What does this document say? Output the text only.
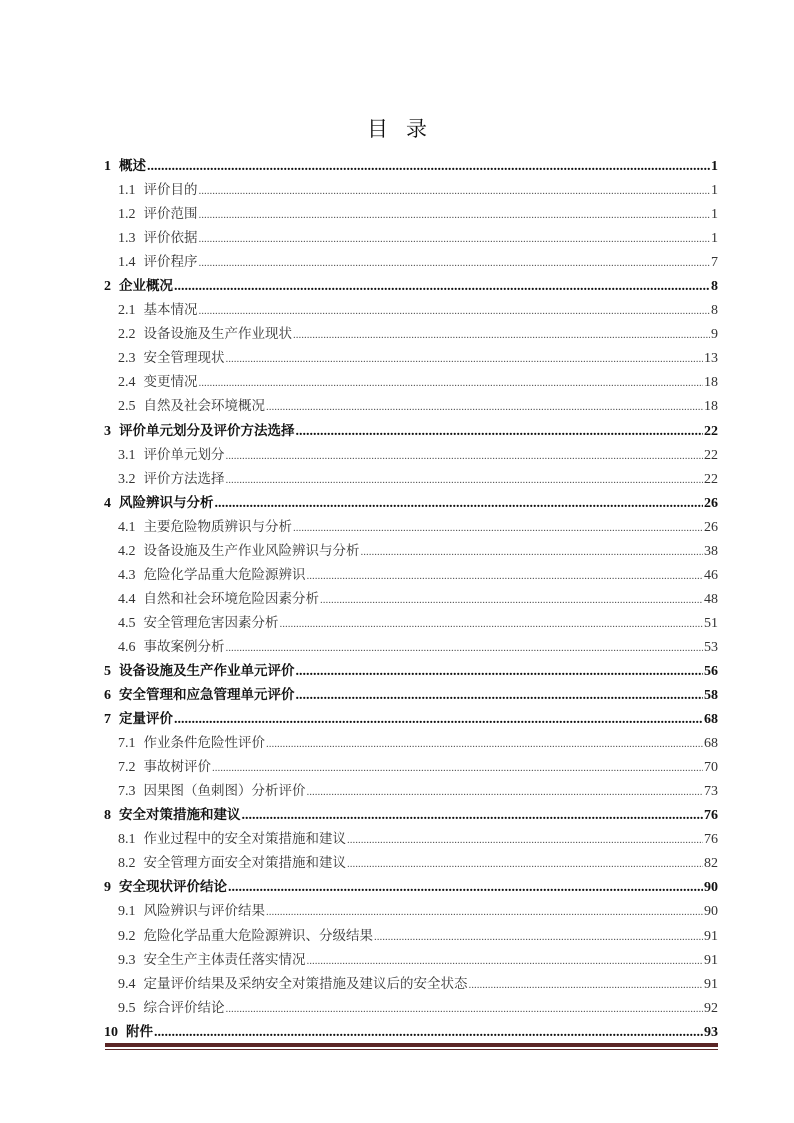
目录
1 概述 .....	1
1.1 评价目的 .....	1
1.2 评价范围 .....	1
1.3 评价依据 .....	1
1.4 评价程序 .....	7
2 企业概况 .....	8
2.1 基本情况 .....	8
2.2 设备设施及生产作业现状 .....	9
2.3 安全管理现状 .....	13
2.4 变更情况 .....	18
2.5 自然及社会环境概况 .....	18
3 评价单元划分及评价方法选择 .....	22
3.1 评价单元划分 .....	22
3.2 评价方法选择 .....	22
4 风险辨识与分析 .....	26
4.1 主要危险物质辨识与分析 .....	26
4.2 设备设施及生产作业风险辨识与分析 .....	38
4.3 危险化学品重大危险源辨识 .....	46
4.4 自然和社会环境危险因素分析 .....	48
4.5 安全管理危害因素分析 .....	51
4.6 事故案例分析 .....	53
5 设备设施及生产作业单元评价 .....	56
6 安全管理和应急管理单元评价 .....	58
7 定量评价 .....	68
7.1 作业条件危险性评价 .....	68
7.2 事故树评价 .....	70
7.3 因果图（鱼刺图）分析评价 .....	73
8 安全对策措施和建议 .....	76
8.1 作业过程中的安全对策措施和建议 .....	76
8.2 安全管理方面安全对策措施和建议 .....	82
9 安全现状评价结论 .....	90
9.1 风险辨识与评价结果 .....	90
9.2 危险化学品重大危险源辨识、分级结果 .....	91
9.3 安全生产主体责任落实情况 .....	91
9.4 定量评价结果及采纳安全对策措施及建议后的安全状态 .....	91
9.5 综合评价结论 .....	92
10 附件 .....	93
